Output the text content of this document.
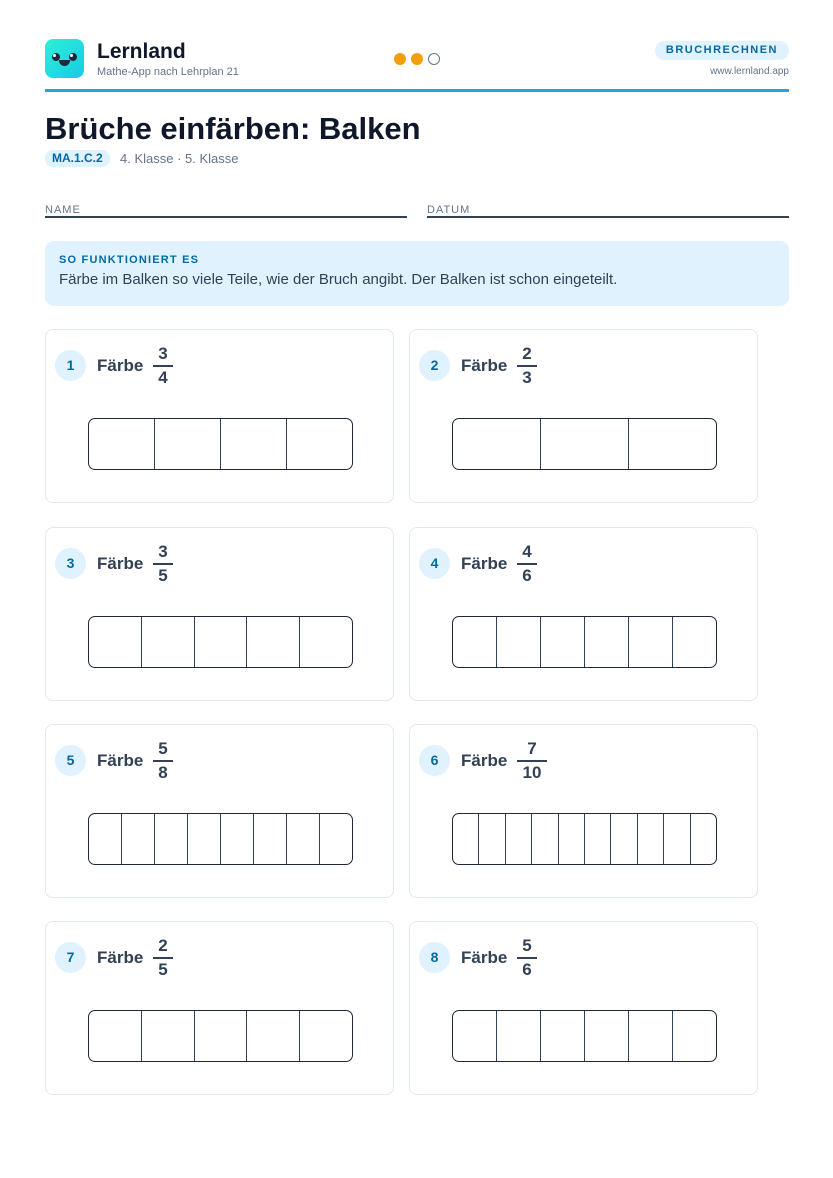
Lernland
Mathe-App nach Lehrplan 21
BRUCHRECHNEN
www.lernland.app
Brüche einfärben: Balken
MA.1.C.2	4. Klasse · 5. Klasse
NAME	DATUM
SO FUNKTIONIERT ES
Färbe im Balken so viele Teile, wie der Bruch angibt. Der Balken ist schon eingeteilt.
1	Färbe
3
4
2	Färbe
2
3
3	Färbe
3
5
4	Färbe
4
6
5	Färbe
5
8
6	Färbe
7
10
7	Färbe
2
5
8	Färbe
5
6
